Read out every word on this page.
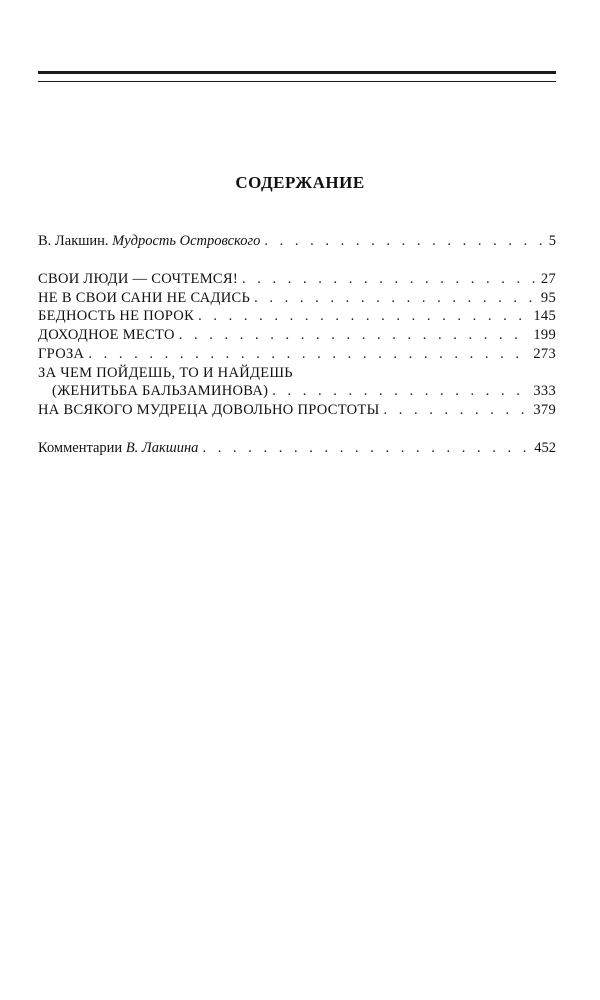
СОДЕРЖАНИЕ
В. Лакшин. Мудрость Островского . . .	5
СВОИ ЛЮДИ — СОЧТЕМСЯ! . . .	27
НЕ В СВОИ САНИ НЕ САДИСЬ . . .	95
БЕДНОСТЬ НЕ ПОРОК . . .	145
ДОХОДНОЕ МЕСТО . . .	199
ГРОЗА . . .	273
ЗА ЧЕМ ПОЙДЕШЬ, ТО И НАЙДЕШЬ
(ЖЕНИТЬБА БАЛЬЗАМИНОВА) . . .	333
НА ВСЯКОГО МУДРЕЦА ДОВОЛЬНО ПРОСТОТЫ . . .	379
Комментарии В. Лакшина . . .	452
